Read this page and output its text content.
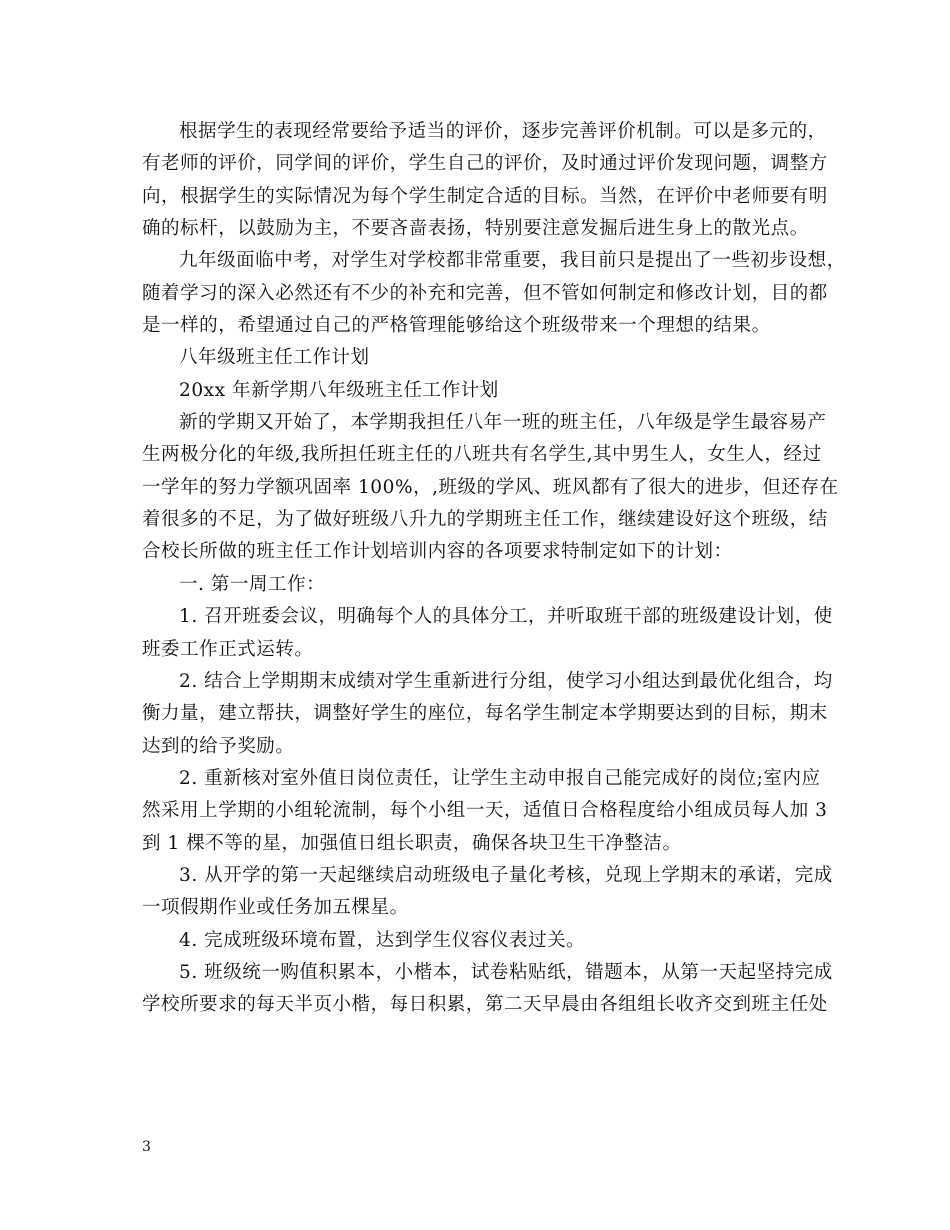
根据学生的表现经常要给予适当的评价，逐步完善评价机制。可以是多元的，
有老师的评价，同学间的评价，学生自己的评价，及时通过评价发现问题，调整方
向，根据学生的实际情况为每个学生制定合适的目标。当然，在评价中老师要有明
确的标杆，以鼓励为主，不要吝啬表扬，特别要注意发掘后进生身上的散光点。
九年级面临中考，对学生对学校都非常重要，我目前只是提出了一些初步设想，
随着学习的深入必然还有不少的补充和完善，但不管如何制定和修改计划，目的都
是一样的，希望通过自己的严格管理能够给这个班级带来一个理想的结果。
八年级班主任工作计划
20xx 年新学期八年级班主任工作计划
新的学期又开始了，本学期我担任八年一班的班主任，八年级是学生最容易产
生两极分化的年级,我所担任班主任的八班共有名学生,其中男生人，女生人，经过
一学年的努力学额巩固率 100%，,班级的学风、班风都有了很大的进步，但还存在
着很多的不足，为了做好班级八升九的学期班主任工作，继续建设好这个班级，结
合校长所做的班主任工作计划培训内容的各项要求特制定如下的计划：
一. 第一周工作：
1. 召开班委会议，明确每个人的具体分工，并听取班干部的班级建设计划，使
班委工作正式运转。
2. 结合上学期期末成绩对学生重新进行分组，使学习小组达到最优化组合，均
衡力量，建立帮扶，调整好学生的座位，每名学生制定本学期要达到的目标，期末
达到的给予奖励。
2. 重新核对室外值日岗位责任，让学生主动申报自己能完成好的岗位;室内应
然采用上学期的小组轮流制，每个小组一天，适值日合格程度给小组成员每人加 3
到 1 棵不等的星，加强值日组长职责，确保各块卫生干净整洁。
3. 从开学的第一天起继续启动班级电子量化考核，兑现上学期末的承诺，完成
一项假期作业或任务加五棵星。
4. 完成班级环境布置，达到学生仪容仪表过关。
5. 班级统一购值积累本，小楷本，试卷粘贴纸，错题本，从第一天起坚持完成
学校所要求的每天半页小楷，每日积累，第二天早晨由各组组长收齐交到班主任处
3
